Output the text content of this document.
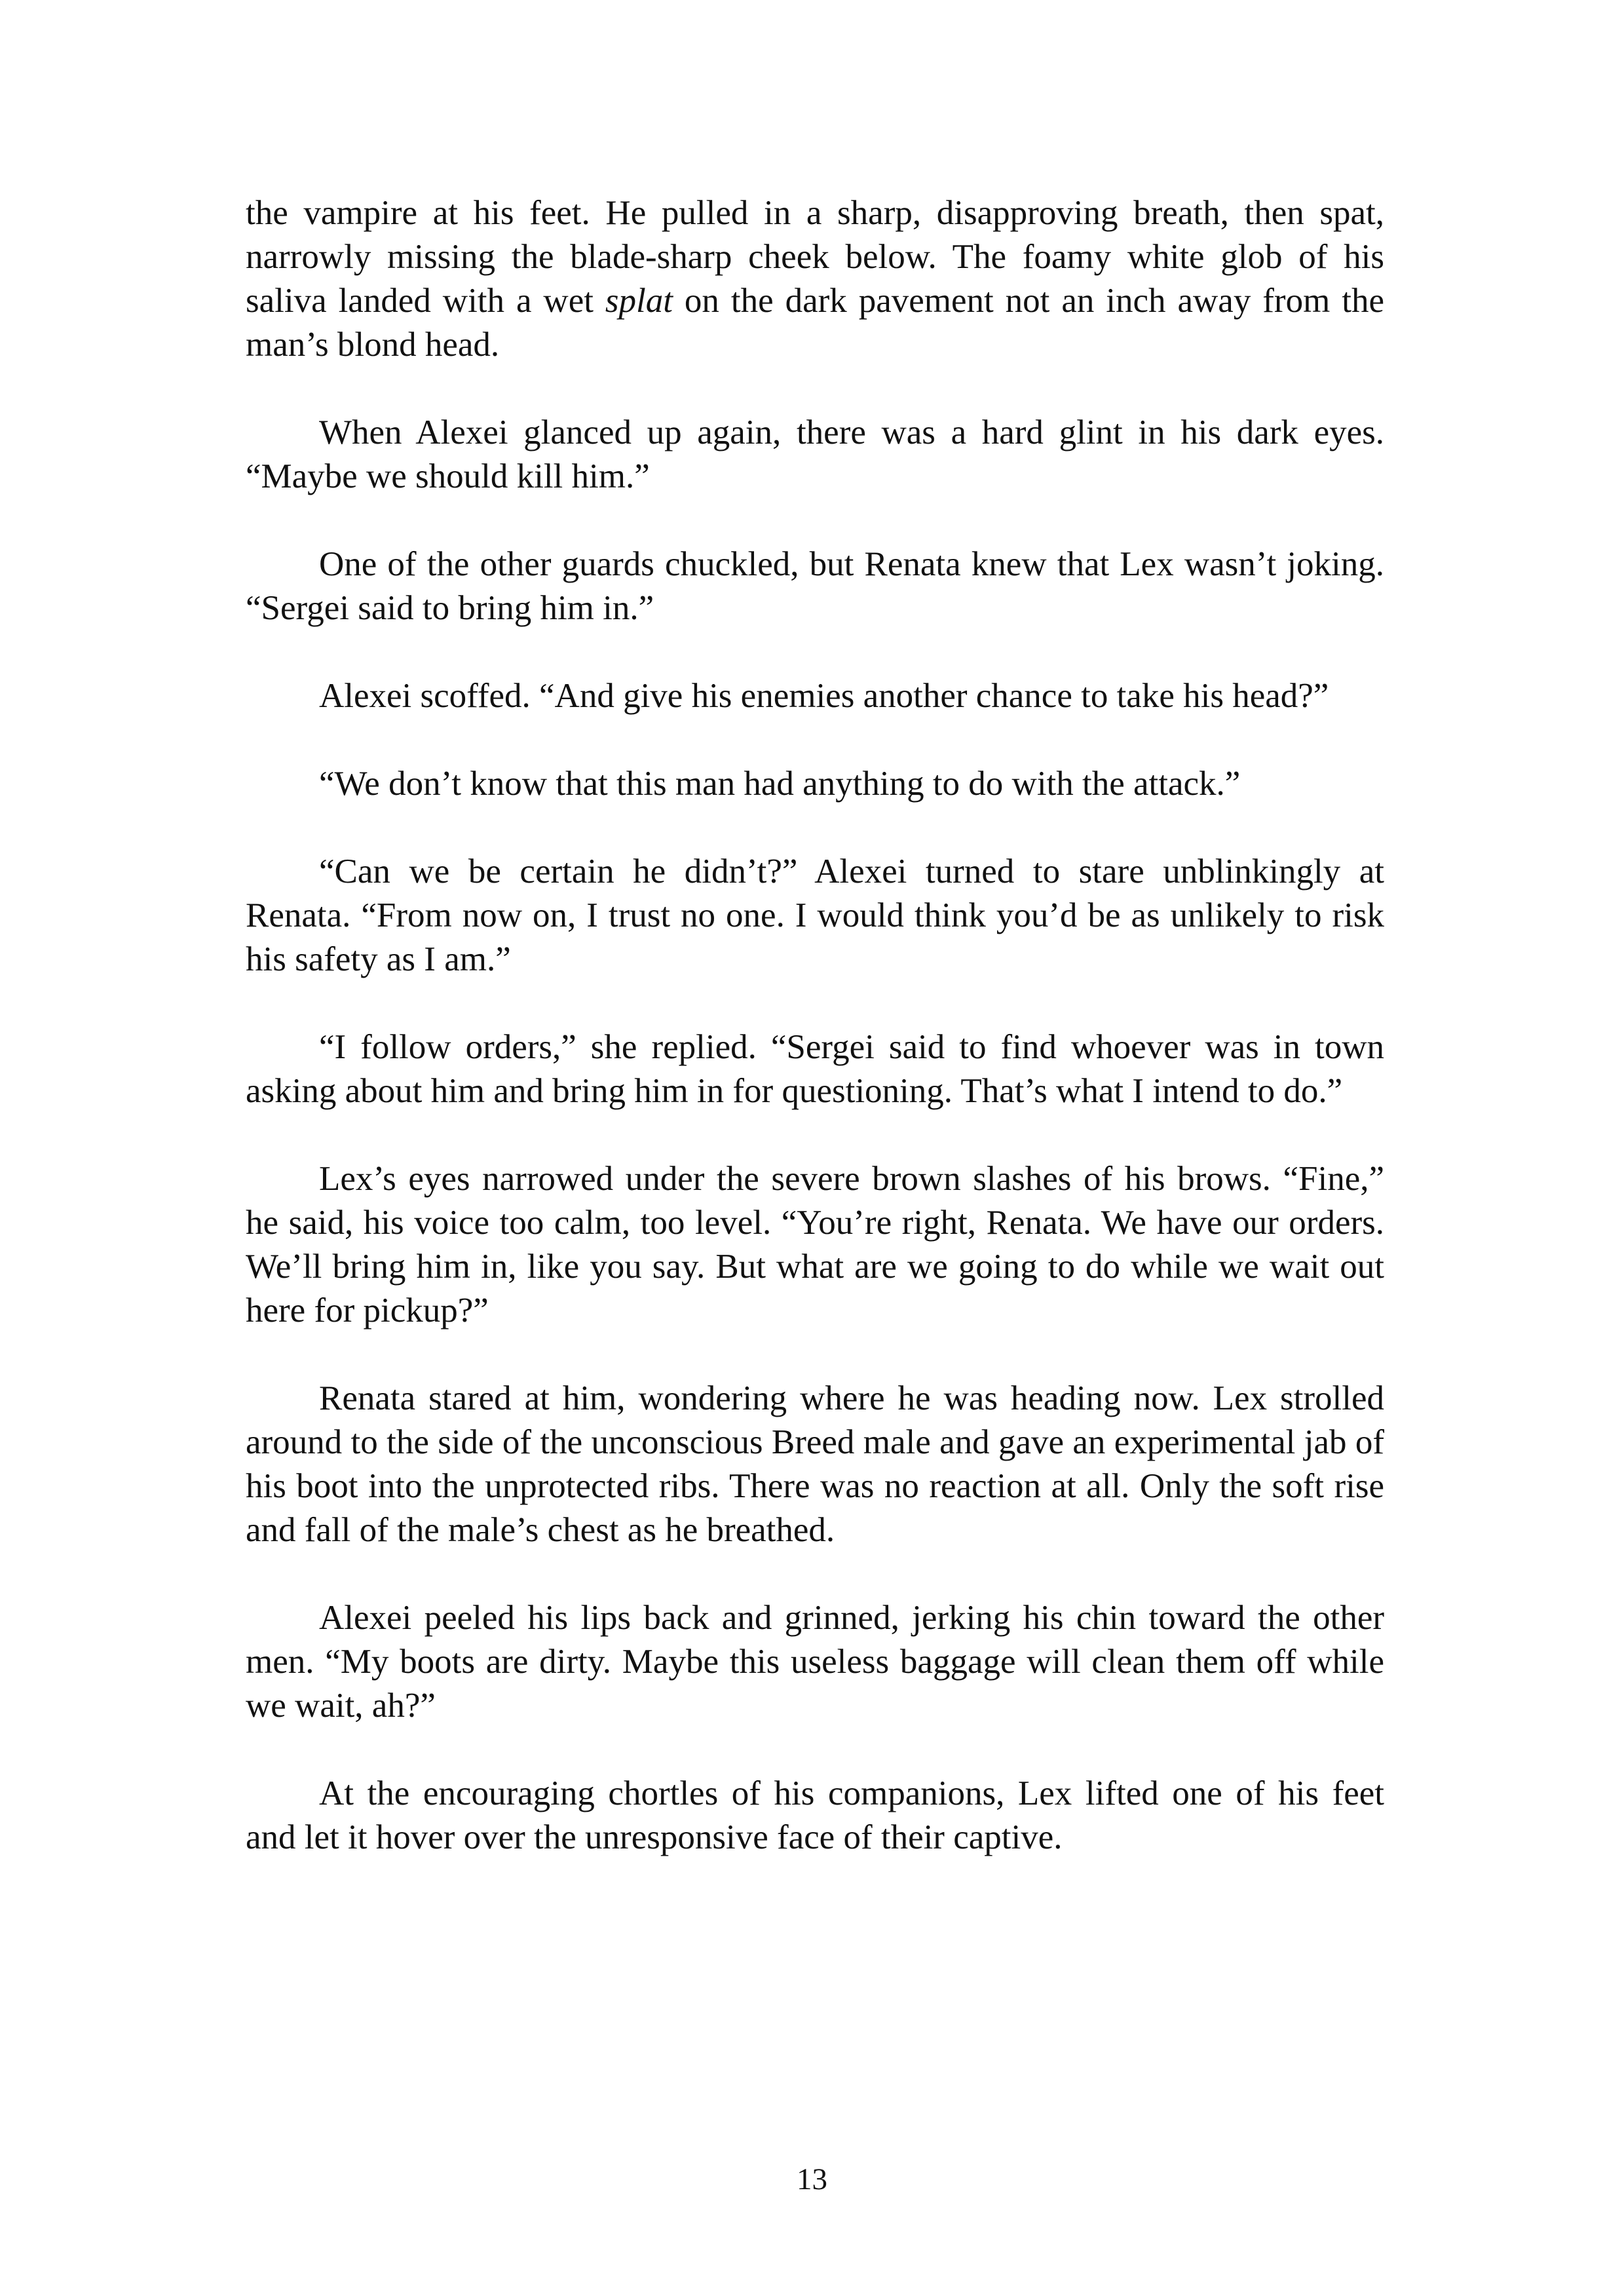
the vampire at his feet. He pulled in a sharp, disapproving breath, then spat, narrowly missing the blade-sharp cheek below. The foamy white glob of his saliva landed with a wet splat on the dark pavement not an inch away from the man’s blond head.

When Alexei glanced up again, there was a hard glint in his dark eyes. “Maybe we should kill him.”

One of the other guards chuckled, but Renata knew that Lex wasn’t joking. “Sergei said to bring him in.”

Alexei scoffed. “And give his enemies another chance to take his head?”

“We don’t know that this man had anything to do with the attack.”

“Can we be certain he didn’t?” Alexei turned to stare unblinkingly at Renata. “From now on, I trust no one. I would think you’d be as unlikely to risk his safety as I am.”

“I follow orders,” she replied. “Sergei said to find whoever was in town asking about him and bring him in for questioning. That’s what I intend to do.”

Lex’s eyes narrowed under the severe brown slashes of his brows. “Fine,” he said, his voice too calm, too level. “You’re right, Renata. We have our orders. We’ll bring him in, like you say. But what are we going to do while we wait out here for pickup?”

Renata stared at him, wondering where he was heading now. Lex strolled around to the side of the unconscious Breed male and gave an experimental jab of his boot into the unprotected ribs. There was no reaction at all. Only the soft rise and fall of the male’s chest as he breathed.

Alexei peeled his lips back and grinned, jerking his chin toward the other men. “My boots are dirty. Maybe this useless baggage will clean them off while we wait, ah?”

At the encouraging chortles of his companions, Lex lifted one of his feet and let it hover over the unresponsive face of their captive.

13
